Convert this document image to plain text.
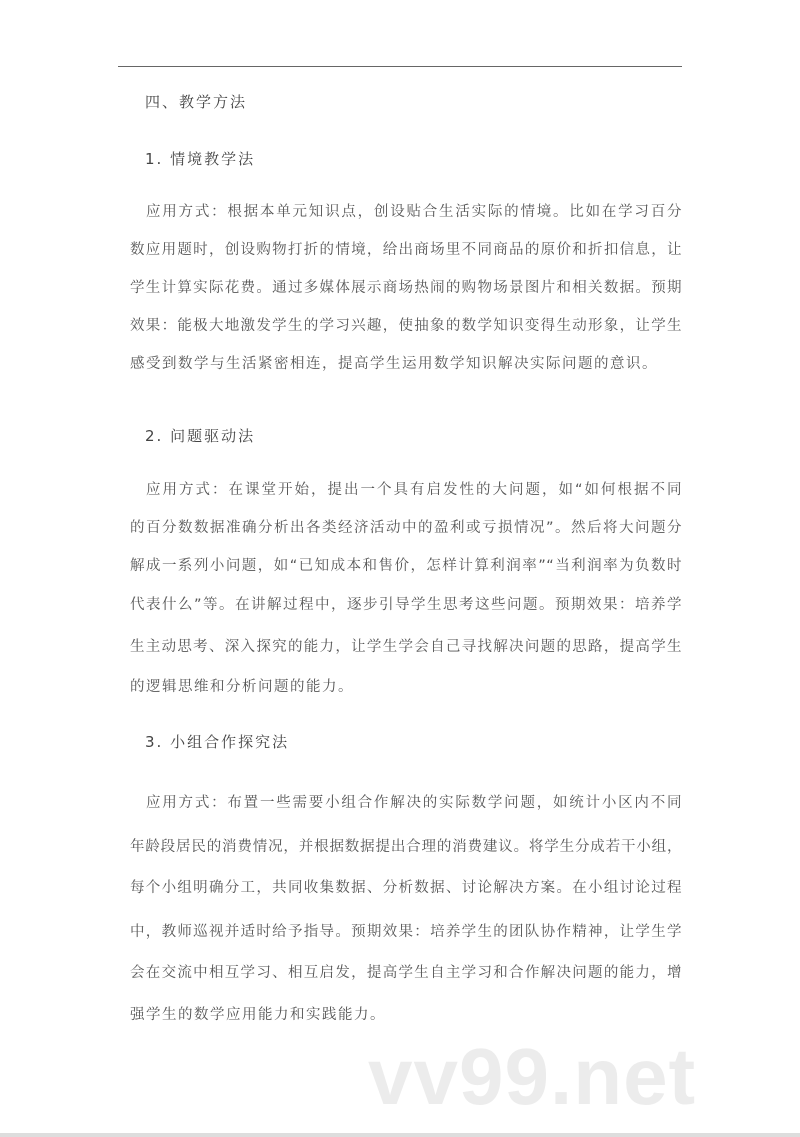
四、教学方法
1. 情境教学法
应用方式：根据本单元知识点，创设贴合生活实际的情境。比如在学习百分
数应用题时，创设购物打折的情境，给出商场里不同商品的原价和折扣信息，让
学生计算实际花费。通过多媒体展示商场热闹的购物场景图片和相关数据。预期
效果：能极大地激发学生的学习兴趣，使抽象的数学知识变得生动形象，让学生
感受到数学与生活紧密相连，提高学生运用数学知识解决实际问题的意识。
2. 问题驱动法
应用方式：在课堂开始，提出一个具有启发性的大问题，如“如何根据不同
的百分数数据准确分析出各类经济活动中的盈利或亏损情况”。然后将大问题分
解成一系列小问题，如“已知成本和售价，怎样计算利润率”“当利润率为负数时
代表什么”等。在讲解过程中，逐步引导学生思考这些问题。预期效果：培养学
生主动思考、深入探究的能力，让学生学会自己寻找解决问题的思路，提高学生
的逻辑思维和分析问题的能力。
3. 小组合作探究法
应用方式：布置一些需要小组合作解决的实际数学问题，如统计小区内不同
年龄段居民的消费情况，并根据数据提出合理的消费建议。将学生分成若干小组，
每个小组明确分工，共同收集数据、分析数据、讨论解决方案。在小组讨论过程
中，教师巡视并适时给予指导。预期效果：培养学生的团队协作精神，让学生学
会在交流中相互学习、相互启发，提高学生自主学习和合作解决问题的能力，增
强学生的数学应用能力和实践能力。
vv99.net
